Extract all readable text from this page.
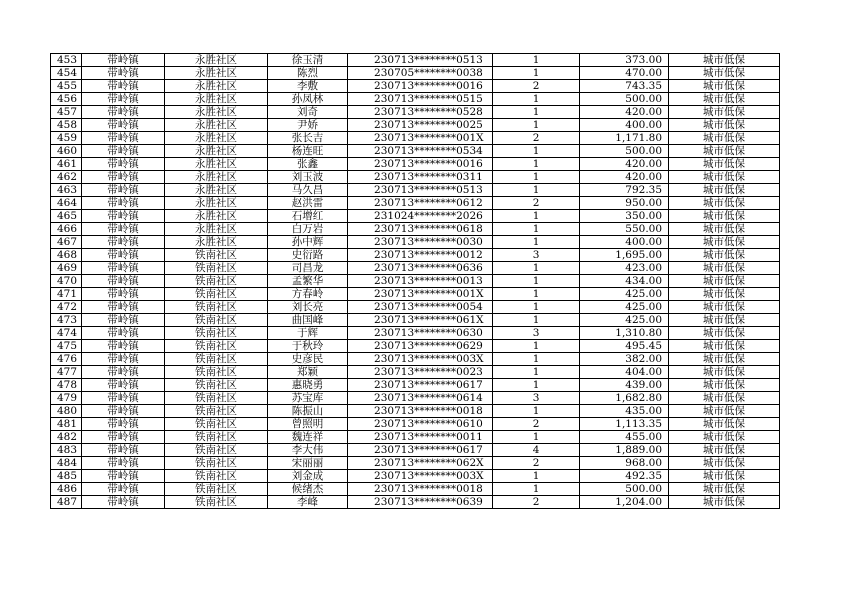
453	带岭镇	永胜社区	徐玉清	230713********0513	1	373.00	城市低保
454	带岭镇	永胜社区	陈烈	230705********0038	1	470.00	城市低保
455	带岭镇	永胜社区	李敷	230713********0016	2	743.35	城市低保
456	带岭镇	永胜社区	孙凤林	230713********0515	1	500.00	城市低保
457	带岭镇	永胜社区	刘奇	230713********0528	1	420.00	城市低保
458	带岭镇	永胜社区	尹娇	230713********0025	1	400.00	城市低保
459	带岭镇	永胜社区	张长吉	230713********001X	2	1,171.80	城市低保
460	带岭镇	永胜社区	杨连旺	230713********0534	1	500.00	城市低保
461	带岭镇	永胜社区	张鑫	230713********0016	1	420.00	城市低保
462	带岭镇	永胜社区	刘玉波	230713********0311	1	420.00	城市低保
463	带岭镇	永胜社区	马久昌	230713********0513	1	792.35	城市低保
464	带岭镇	永胜社区	赵洪雷	230713********0612	2	950.00	城市低保
465	带岭镇	永胜社区	石增红	231024********2026	1	350.00	城市低保
466	带岭镇	永胜社区	白万岩	230713********0618	1	550.00	城市低保
467	带岭镇	永胜社区	孙中辉	230713********0030	1	400.00	城市低保
468	带岭镇	铁南社区	史衍路	230713********0012	3	1,695.00	城市低保
469	带岭镇	铁南社区	司昌龙	230713********0636	1	423.00	城市低保
470	带岭镇	铁南社区	孟繁华	230713********0013	1	434.00	城市低保
471	带岭镇	铁南社区	方春岭	230713********001X	1	425.00	城市低保
472	带岭镇	铁南社区	刘长亮	230713********0054	1	425.00	城市低保
473	带岭镇	铁南社区	曲国峰	230713********061X	1	425.00	城市低保
474	带岭镇	铁南社区	于辉	230713********0630	3	1,310.80	城市低保
475	带岭镇	铁南社区	于秋玲	230713********0629	1	495.45	城市低保
476	带岭镇	铁南社区	史彦民	230713********003X	1	382.00	城市低保
477	带岭镇	铁南社区	郑颖	230713********0023	1	404.00	城市低保
478	带岭镇	铁南社区	惠晓勇	230713********0617	1	439.00	城市低保
479	带岭镇	铁南社区	苏宝库	230713********0614	3	1,682.80	城市低保
480	带岭镇	铁南社区	陈振山	230713********0018	1	435.00	城市低保
481	带岭镇	铁南社区	曾照明	230713********0610	2	1,113.35	城市低保
482	带岭镇	铁南社区	魏连祥	230713********0011	1	455.00	城市低保
483	带岭镇	铁南社区	李大伟	230713********0617	4	1,889.00	城市低保
484	带岭镇	铁南社区	宋丽丽	230713********062X	2	968.00	城市低保
485	带岭镇	铁南社区	刘金成	230713********003X	1	492.35	城市低保
486	带岭镇	铁南社区	候绪杰	230713********0018	1	500.00	城市低保
487	带岭镇	铁南社区	李峰	230713********0639	2	1,204.00	城市低保
